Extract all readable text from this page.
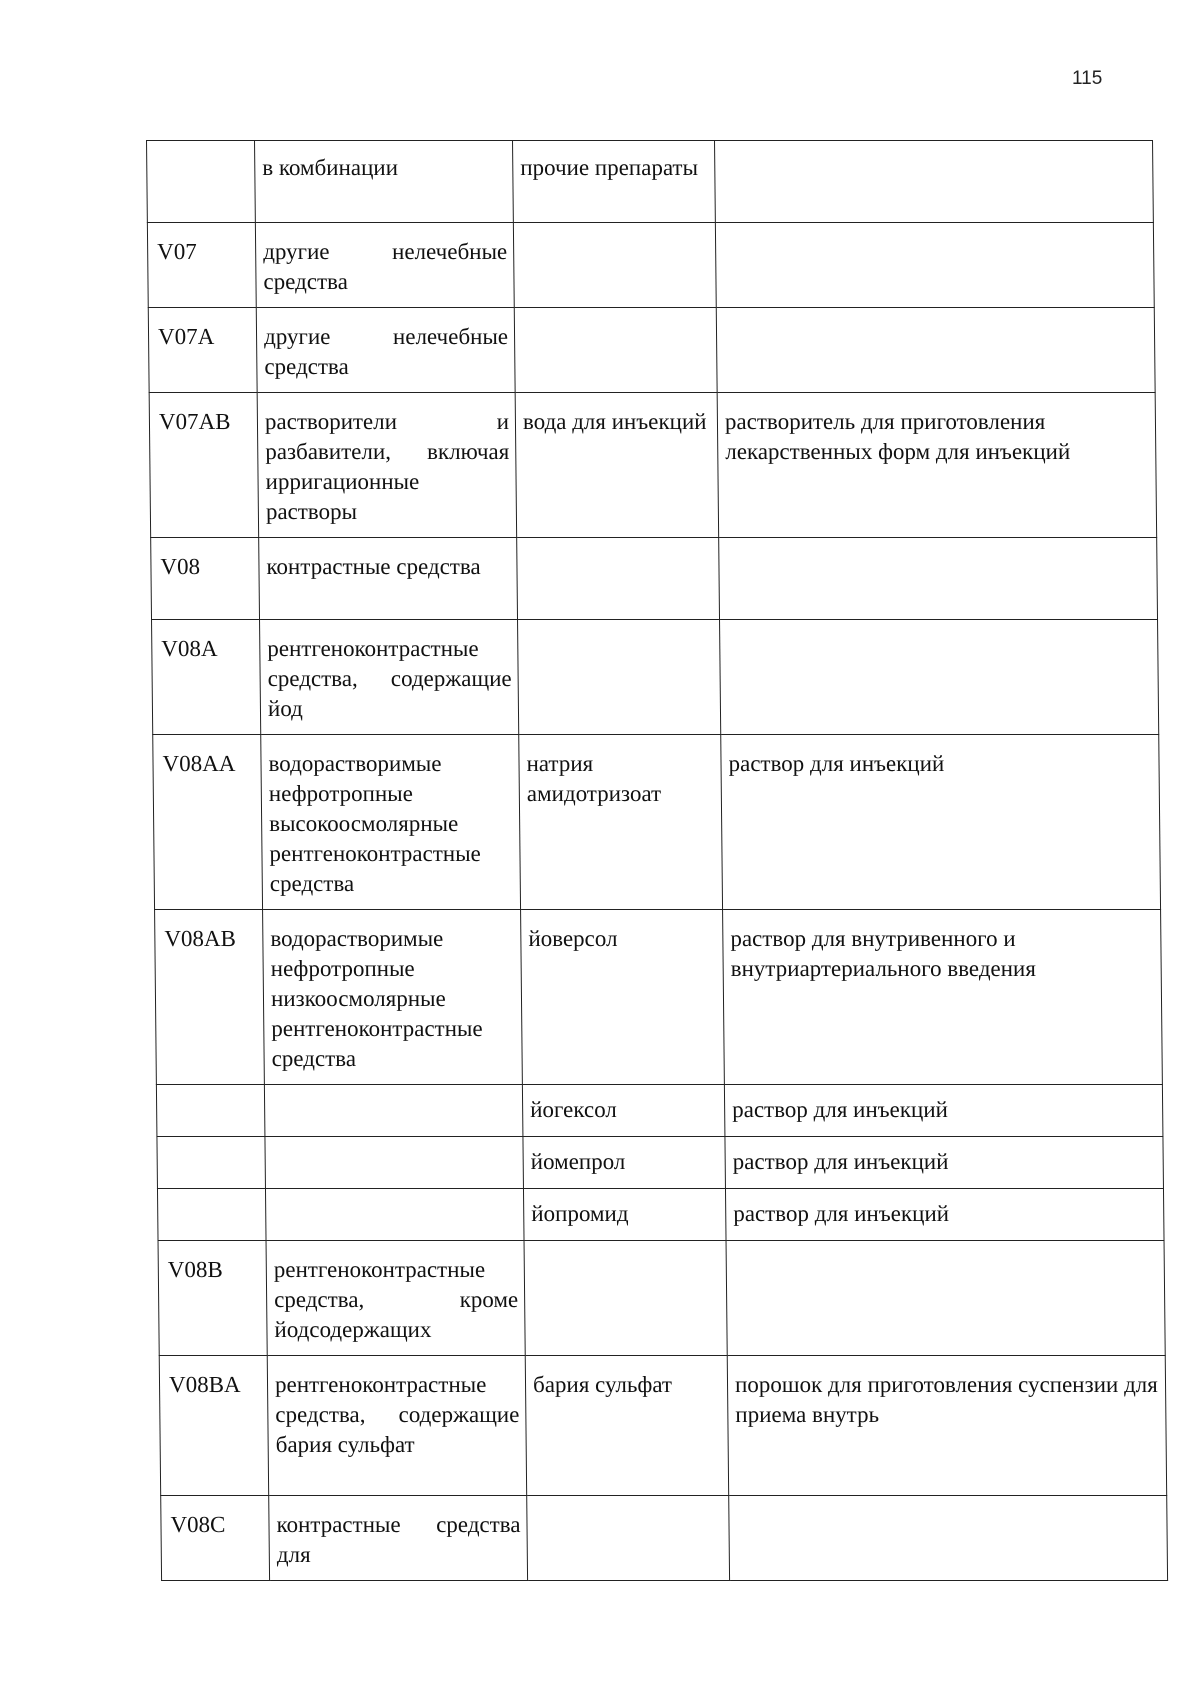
115
	в комбинации	прочие препараты	
V07	другие нелечебные средства		
V07A	другие нелечебные средства		
V07AB	растворители и разбавители, включая ирригационные растворы	вода для инъекций	растворитель для приготовления лекарственных форм для инъекций
V08	контрастные средства		
V08A	рентгеноконтрастные средства, содержащие йод		
V08AA	водорастворимые нефротропные высокоосмолярные рентгеноконтрастные средства	натрия амидотризоат	раствор для инъекций
V08AB	водорастворимые нефротропные низкоосмолярные рентгеноконтрастные средства	йоверсол	раствор для внутривенного и внутриартериального введения
		йогексол	раствор для инъекций
		йомепрол	раствор для инъекций
		йопромид	раствор для инъекций
V08B	рентгеноконтрастные средства, кроме йодсодержащих		
V08BA	рентгеноконтрастные средства, содержащие бария сульфат	бария сульфат	порошок для приготовления суспензии для приема внутрь
V08C	контрастные средства для		
